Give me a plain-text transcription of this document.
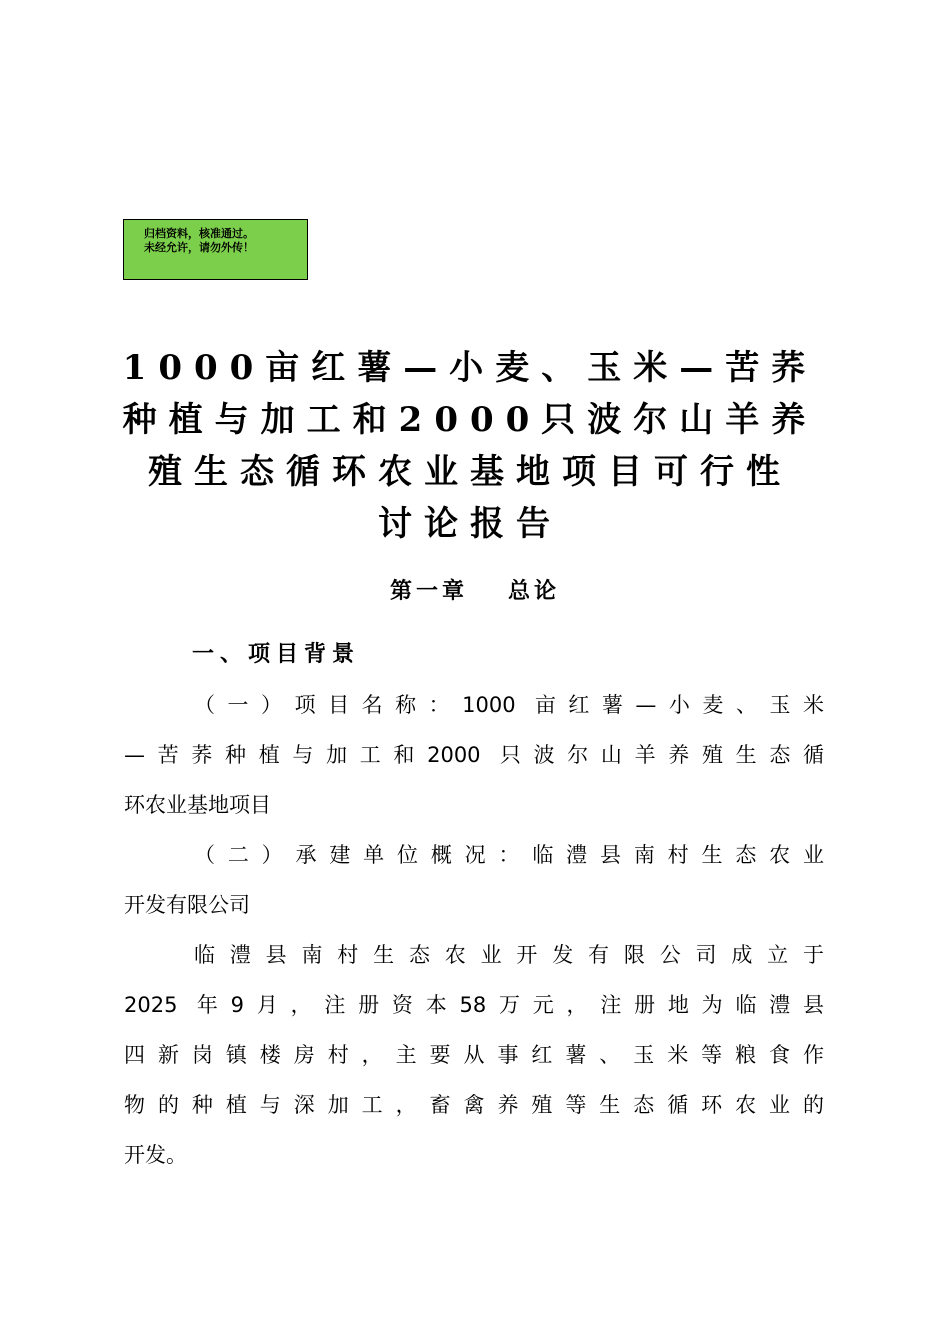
归档资料，核准通过。
未经允许，请勿外传！
1000亩红薯—小麦、玉米—苦荞
种植与加工和2000只波尔山羊养
殖生态循环农业基地项目可行性
讨论报告
第一章 总论
一、项目背景
（一）项目名称：1000 亩红薯—小麦、玉米
—苦荞种植与加工和2000 只波尔山羊养殖生态循
环农业基地项目
（二）承建单位概况：临澧县南村生态农业
开发有限公司
临澧县南村生态农业开发有限公司成立于
2025 年9月，注册资本58万元，注册地为临澧县
四新岗镇楼房村，主要从事红薯、玉米等粮食作
物的种植与深加工，畜禽养殖等生态循环农业的
开发。
